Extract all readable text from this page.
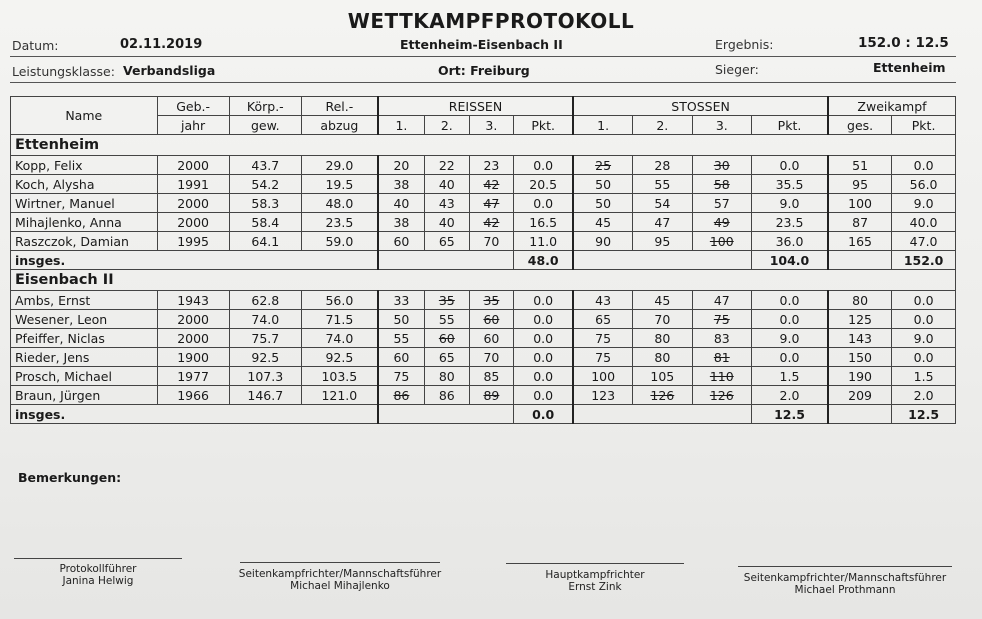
WETTKAMPFPROTOKOLL
Datum:	02.11.2019	Ettenheim-Eisenbach II	Ergebnis:	152.0 : 12.5
Leistungsklasse: Verbandsliga	Ort: Freiburg	Sieger:	Ettenheim
Name	Geb.-	Körp.-	Rel.-	REISSEN				STOSSEN				Zweikampf	
	jahr	gew.	abzug	1.	2.	3.	Pkt.	1.	2.	3.	Pkt.	ges.	Pkt.
Ettenheim													
Kopp, Felix	2000	43.7	29.0	20	22	23	0.0	25	28	30	0.0	51	0.0
Koch, Alysha	1991	54.2	19.5	38	40	42	20.5	50	55	58	35.5	95	56.0
Wirtner, Manuel	2000	58.3	48.0	40	43	47	0.0	50	54	57	9.0	100	9.0
Mihajlenko, Anna	2000	58.4	23.5	38	40	42	16.5	45	47	49	23.5	87	40.0
Raszczok, Damian	1995	64.1	59.0	60	65	70	11.0	90	95	100	36.0	165	47.0
insges.							48.0				104.0		152.0
Eisenbach II													
Ambs, Ernst	1943	62.8	56.0	33	35	35	0.0	43	45	47	0.0	80	0.0
Wesener, Leon	2000	74.0	71.5	50	55	60	0.0	65	70	75	0.0	125	0.0
Pfeiffer, Niclas	2000	75.7	74.0	55	60	60	0.0	75	80	83	9.0	143	9.0
Rieder, Jens	1900	92.5	92.5	60	65	70	0.0	75	80	81	0.0	150	0.0
Prosch, Michael	1977	107.3	103.5	75	80	85	0.0	100	105	110	1.5	190	1.5
Braun, Jürgen	1966	146.7	121.0	86	86	89	0.0	123	126	126	2.0	209	2.0
insges.							0.0				12.5		12.5
Bemerkungen:
Protokollführer
Janina Helwig
Seitenkampfrichter/Mannschaftsführer
Michael Mihajlenko
Hauptkampfrichter
Ernst Zink
Seitenkampfrichter/Mannschaftsführer
Michael Prothmann
